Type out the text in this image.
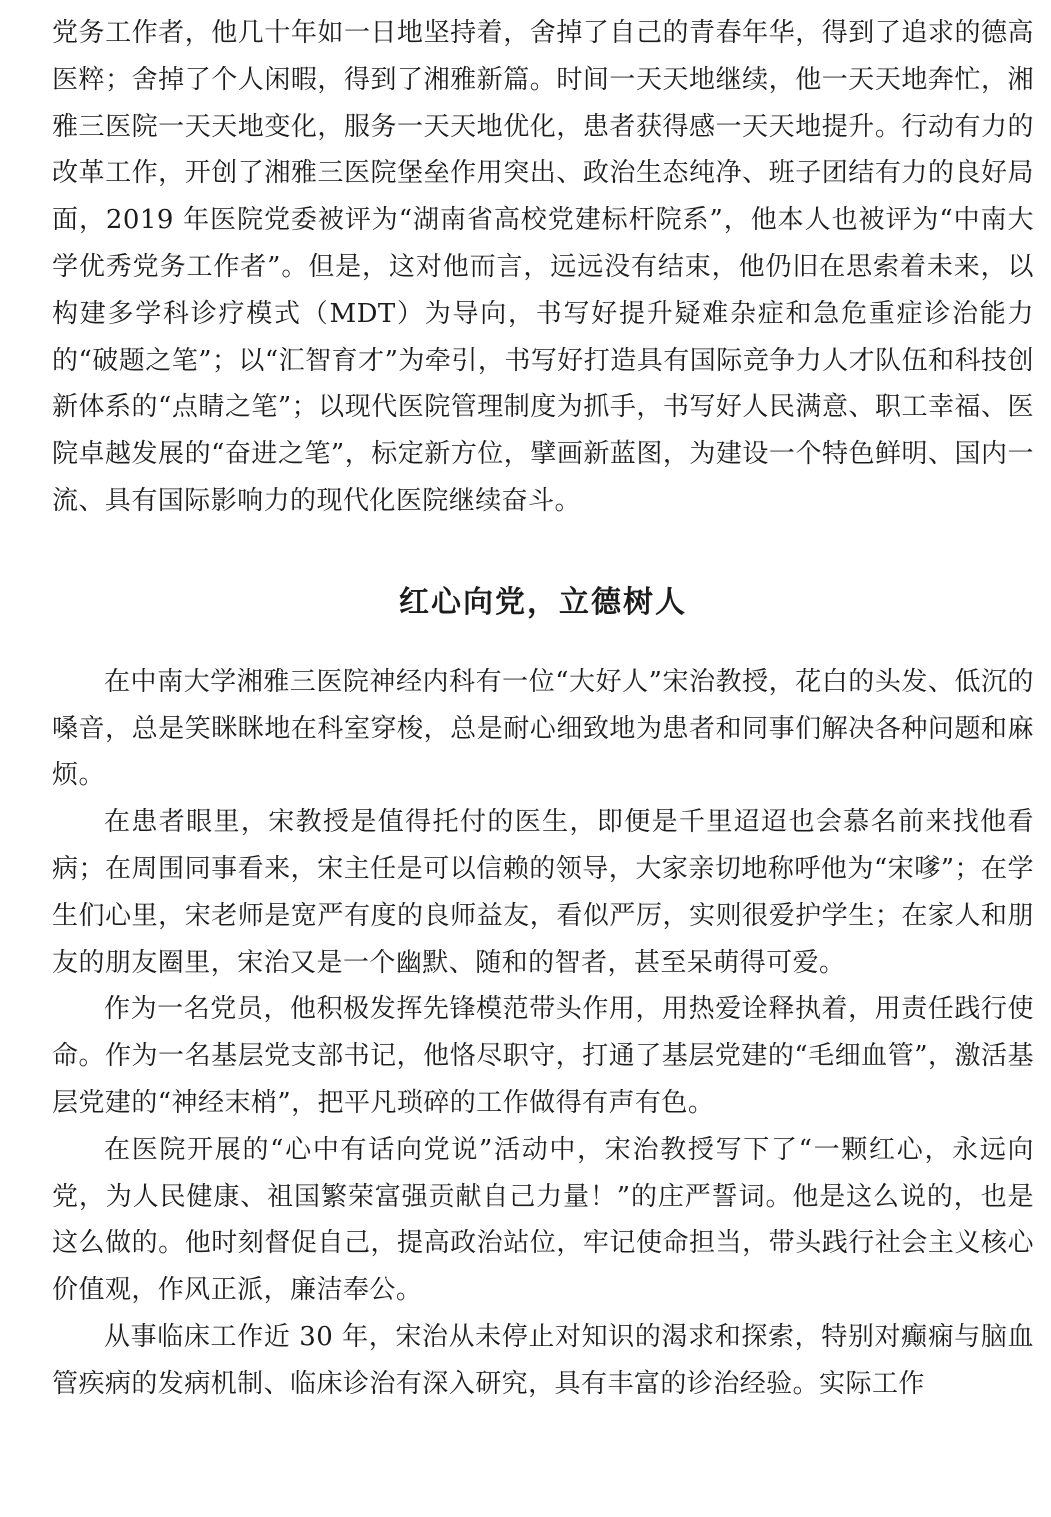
党务工作者，他几十年如一日地坚持着，舍掉了自己的青春年华，得到了追求的德高医粹；舍掉了个人闲暇，得到了湘雅新篇。时间一天天地继续，他一天天地奔忙，湘雅三医院一天天地变化，服务一天天地优化，患者获得感一天天地提升。行动有力的改革工作，开创了湘雅三医院堡垒作用突出、政治生态纯净、班子团结有力的良好局面，2019 年医院党委被评为“湖南省高校党建标杆院系”，他本人也被评为“中南大学优秀党务工作者”。但是，这对他而言，远远没有结束，他仍旧在思索着未来，以构建多学科诊疗模式（MDT）为导向，书写好提升疑难杂症和急危重症诊治能力的“破题之笔”；以“汇智育才”为牵引，书写好打造具有国际竞争力人才队伍和科技创新体系的“点睛之笔”；以现代医院管理制度为抓手，书写好人民满意、职工幸福、医院卓越发展的“奋进之笔”，标定新方位，擘画新蓝图，为建设一个特色鲜明、国内一流、具有国际影响力的现代化医院继续奋斗。

红心向党，立德树人

在中南大学湘雅三医院神经内科有一位“大好人”宋治教授，花白的头发、低沉的嗓音，总是笑眯眯地在科室穿梭，总是耐心细致地为患者和同事们解决各种问题和麻烦。

在患者眼里，宋教授是值得托付的医生，即便是千里迢迢也会慕名前来找他看病；在周围同事看来，宋主任是可以信赖的领导，大家亲切地称呼他为“宋嗲”；在学生们心里，宋老师是宽严有度的良师益友，看似严厉，实则很爱护学生；在家人和朋友的朋友圈里，宋治又是一个幽默、随和的智者，甚至呆萌得可爱。

作为一名党员，他积极发挥先锋模范带头作用，用热爱诠释执着，用责任践行使命。作为一名基层党支部书记，他恪尽职守，打通了基层党建的“毛细血管”，激活基层党建的“神经末梢”，把平凡琐碎的工作做得有声有色。

在医院开展的“心中有话向党说”活动中，宋治教授写下了“一颗红心，永远向党，为人民健康、祖国繁荣富强贡献自己力量！”的庄严誓词。他是这么说的，也是这么做的。他时刻督促自己，提高政治站位，牢记使命担当，带头践行社会主义核心价值观，作风正派，廉洁奉公。

从事临床工作近 30 年，宋治从未停止对知识的渴求和探索，特别对癫痫与脑血管疾病的发病机制、临床诊治有深入研究，具有丰富的诊治经验。实际工作
